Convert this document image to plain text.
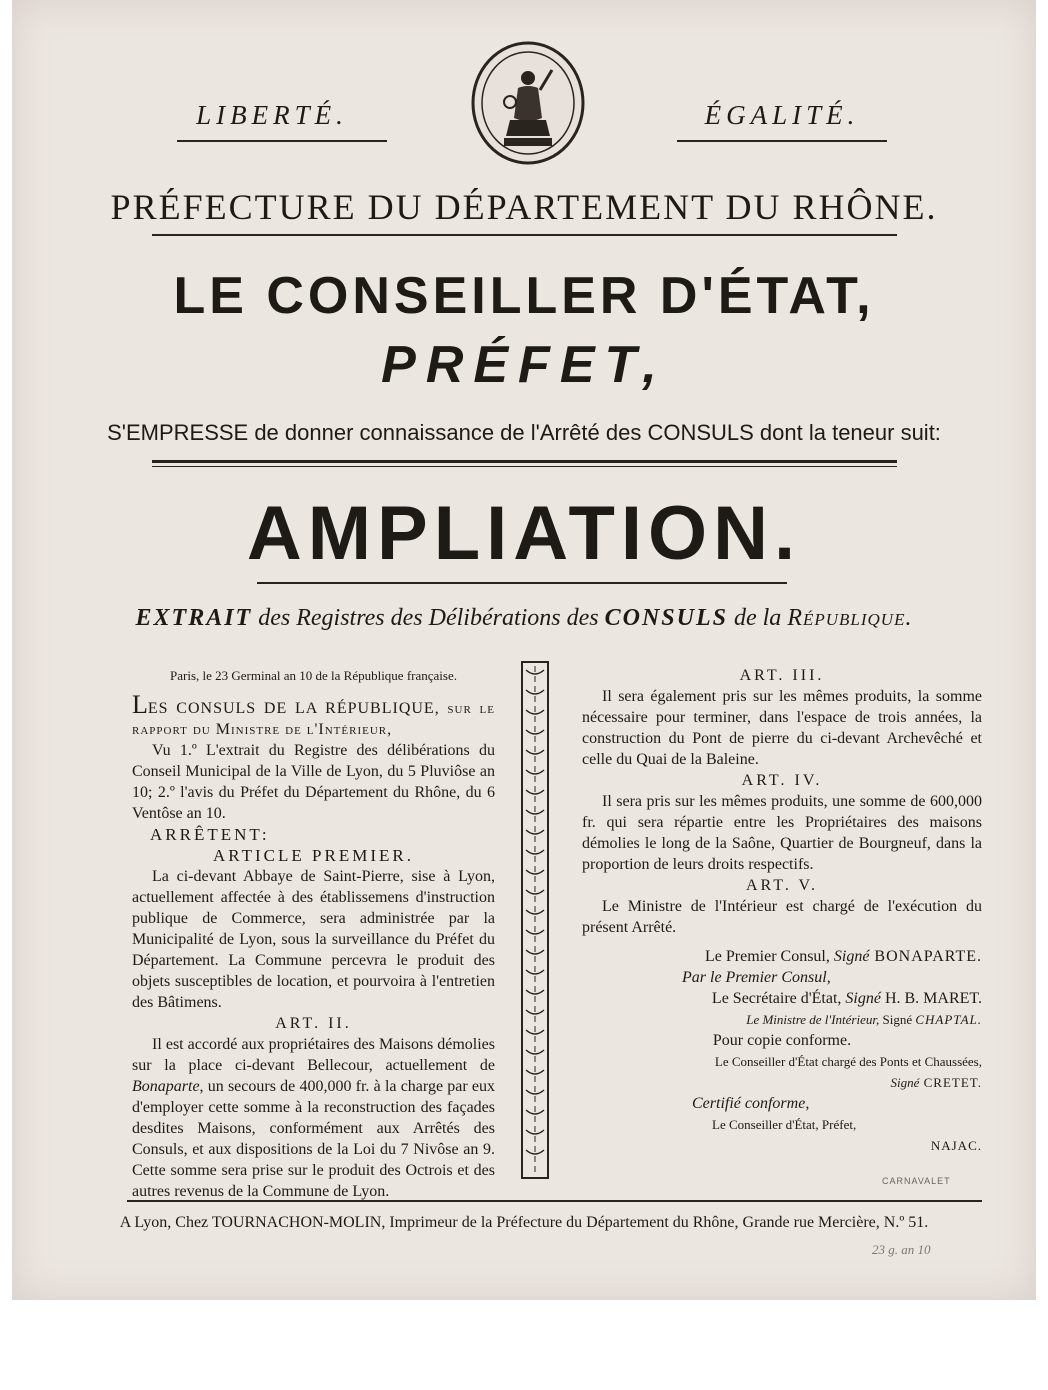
LIBERTÉ.	ÉGALITÉ.
PRÉFECTURE DU DÉPARTEMENT DU RHÔNE.
LE CONSEILLER D'ÉTAT,
PRÉFET,
S'EMPRESSE de donner connaissance de l'Arrêté des CONSULS dont la teneur suit:
AMPLIATION.
EXTRAIT des Registres des Délibérations des CONSULS de la République.

Paris, le 23 Germinal an 10 de la République française.

LES CONSULS DE LA RÉPUBLIQUE, sur le rapport du Ministre de l'Intérieur,

Vu 1.º L'extrait du Registre des délibérations du Conseil Municipal de la Ville de Lyon, du 5 Pluviôse an 10; 2.º l'avis du Préfet du Département du Rhône, du 6 Ventôse an 10.

ARRÊTENT:

ARTICLE PREMIER.

La ci-devant Abbaye de Saint-Pierre, sise à Lyon, actuellement affectée à des établissemens d'instruction publique de Commerce, sera administrée par la Municipalité de Lyon, sous la surveillance du Préfet du Département. La Commune percevra le produit des objets susceptibles de location, et pourvoira à l'entretien des Bâtimens.

ART. II.

Il est accordé aux propriétaires des Maisons démolies sur la place ci-devant Bellecour, actuellement de Bonaparte, un secours de 400,000 fr. à la charge par eux d'employer cette somme à la reconstruction des façades desdites Maisons, conformément aux Arrêtés des Consuls, et aux dispositions de la Loi du 7 Nivôse an 9. Cette somme sera prise sur le produit des Octrois et des autres revenus de la Commune de Lyon.

ART. III.

Il sera également pris sur les mêmes produits, la somme nécessaire pour terminer, dans l'espace de trois années, la construction du Pont de pierre du ci-devant Archevêché et celle du Quai de la Baleine.

ART. IV.

Il sera pris sur les mêmes produits, une somme de 600,000 fr. qui sera répartie entre les Propriétaires des maisons démolies le long de la Saône, Quartier de Bourgneuf, dans la proportion de leurs droits respectifs.

ART. V.

Le Ministre de l'Intérieur est chargé de l'exécution du présent Arrêté.

Le Premier Consul, Signé BONAPARTE.

Par le Premier Consul,

Le Secrétaire d'État, Signé H. B. MARET.

Le Ministre de l'Intérieur, Signé CHAPTAL.

Pour copie conforme.

Le Conseiller d'État chargé des Ponts et Chaussées,

Signé CRETET.

Certifié conforme,

Le Conseiller d'État, Préfet,

NAJAC.

CARNAVALET
A Lyon, Chez TOURNACHON-MOLIN, Imprimeur de la Préfecture du Département du Rhône, Grande rue Mercière, N.º 51.
23 g. an 10
